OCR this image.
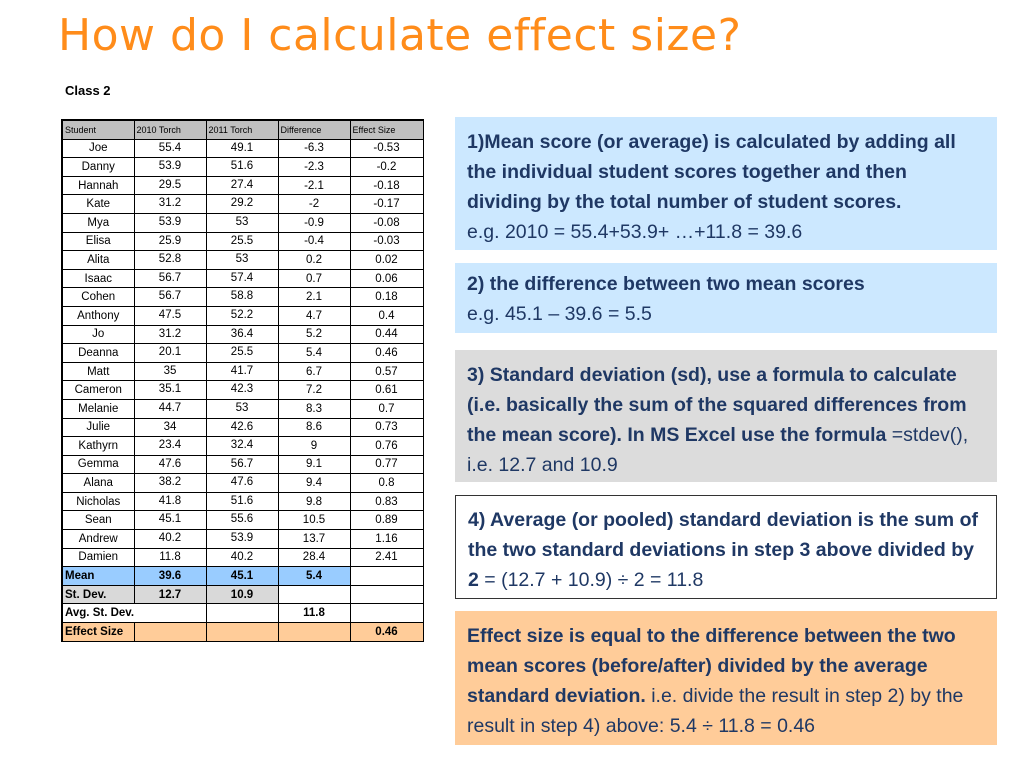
How do I calculate effect size?
Class 2
Student	2010 Torch	2011 Torch	Difference	Effect Size
Joe	55.4	49.1	-6.3	-0.53
Danny	53.9	51.6	-2.3	-0.2
Hannah	29.5	27.4	-2.1	-0.18
Kate	31.2	29.2	-2	-0.17
Mya	53.9	53	-0.9	-0.08
Elisa	25.9	25.5	-0.4	-0.03
Alita	52.8	53	0.2	0.02
Isaac	56.7	57.4	0.7	0.06
Cohen	56.7	58.8	2.1	0.18
Anthony	47.5	52.2	4.7	0.4
Jo	31.2	36.4	5.2	0.44
Deanna	20.1	25.5	5.4	0.46
Matt	35	41.7	6.7	0.57
Cameron	35.1	42.3	7.2	0.61
Melanie	44.7	53	8.3	0.7
Julie	34	42.6	8.6	0.73
Kathyrn	23.4	32.4	9	0.76
Gemma	47.6	56.7	9.1	0.77
Alana	38.2	47.6	9.4	0.8
Nicholas	41.8	51.6	9.8	0.83
Sean	45.1	55.6	10.5	0.89
Andrew	40.2	53.9	13.7	1.16
Damien	11.8	40.2	28.4	2.41
Mean	39.6	45.1	5.4	
St. Dev.	12.7	10.9		
Avg. St. Dev.			11.8	
Effect Size				0.46
1)Mean score (or average) is calculated by adding all the individual student scores together and then dividing by the total number of student scores.
e.g. 2010 = 55.4+53.9+ …+11.8 = 39.6
2) the difference between two mean scores
e.g. 45.1 – 39.6 = 5.5
3) Standard deviation (sd), use a formula to calculate (i.e. basically the sum of the squared differences from the mean score). In MS Excel use the formula =stdev(), i.e. 12.7 and 10.9
4) Average (or pooled) standard deviation is the sum of the two standard deviations in step 3 above divided by 2 = (12.7 + 10.9) ÷ 2 = 11.8
Effect size is equal to the difference between the two mean scores (before/after) divided by the average standard deviation. i.e. divide the result in step 2) by the result in step 4) above: 5.4 ÷ 11.8 = 0.46
